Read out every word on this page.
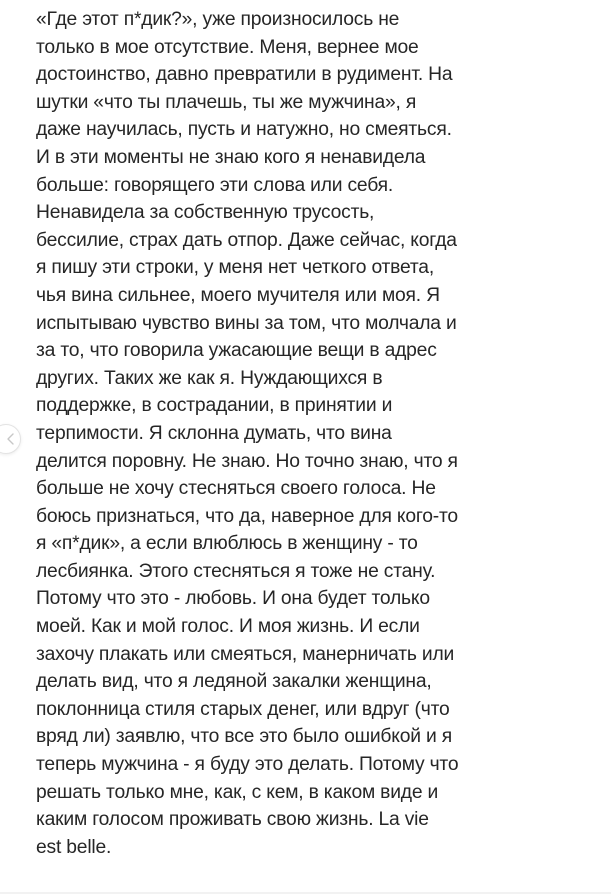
«Где этот п*дик?», уже произносилось не
только в мое отсутствие. Меня, вернее мое
достоинство, давно превратили в рудимент. На
шутки «что ты плачешь, ты же мужчина», я
даже научилась, пусть и натужно, но смеяться.
И в эти моменты не знаю кого я ненавидела
больше: говорящего эти слова или себя.
Ненавидела за собственную трусость,
бессилие, страх дать отпор. Даже сейчас, когда
я пишу эти строки, у меня нет четкого ответа,
чья вина сильнее, моего мучителя или моя. Я
испытываю чувство вины за том, что молчала и
за то, что говорила ужасающие вещи в адрес
других. Таких же как я. Нуждающихся в
поддержке, в сострадании, в принятии и
терпимости. Я склонна думать, что вина
делится поровну. Не знаю. Но точно знаю, что я
больше не хочу стесняться своего голоса. Не
боюсь признаться, что да, наверное для кого-то
я «п*дик», а если влюблюсь в женщину - то
лесбиянка. Этого стесняться я тоже не стану.
Потому что это - любовь. И она будет только
моей. Как и мой голос. И моя жизнь. И если
захочу плакать или смеяться, манерничать или
делать вид, что я ледяной закалки женщина,
поклонница стиля старых денег, или вдруг (что
вряд ли) заявлю, что все это было ошибкой и я
теперь мужчина - я буду это делать. Потому что
решать только мне, как, с кем, в каком виде и
каким голосом проживать свою жизнь. La vie
est belle.
